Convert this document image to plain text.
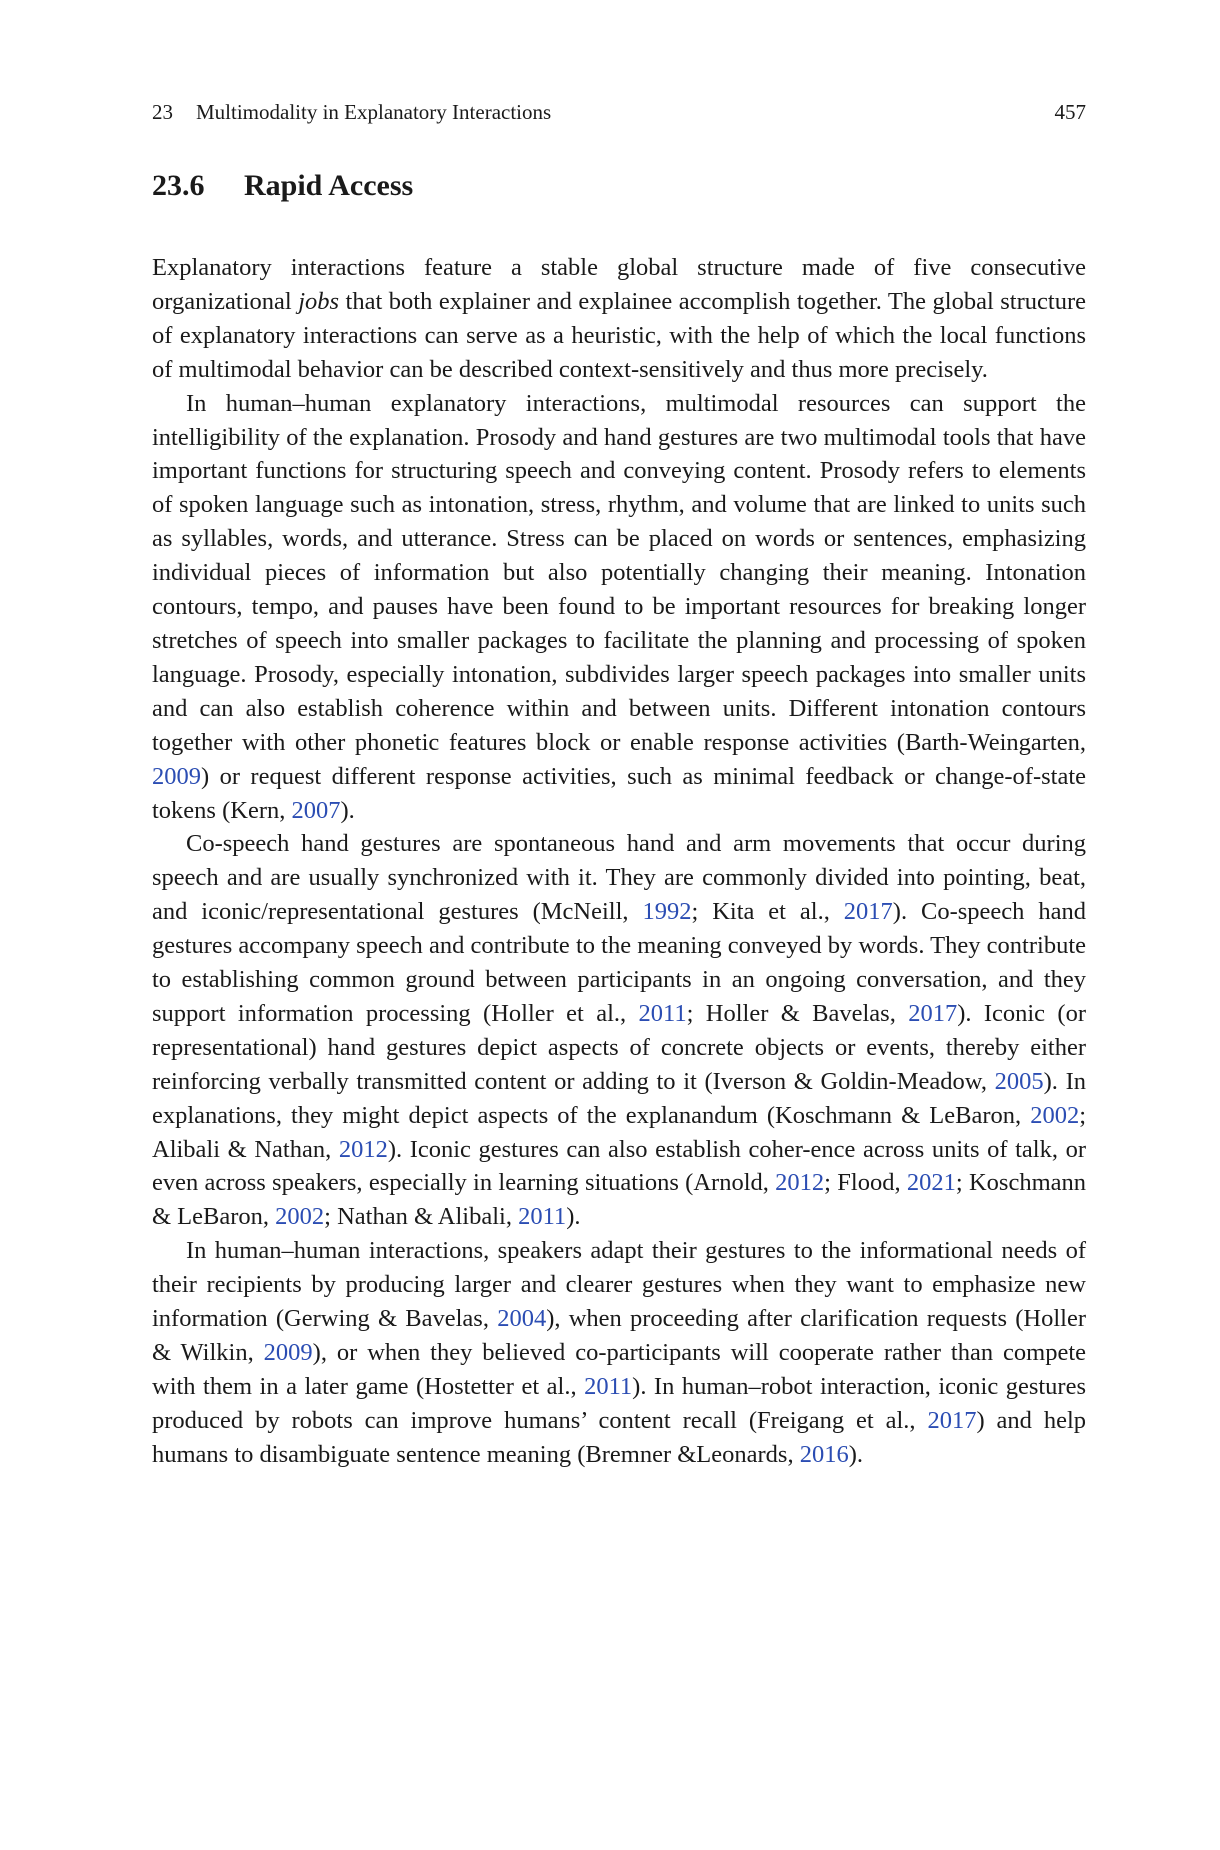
23 Multimodality in Explanatory Interactions	457
23.6 Rapid Access

Explanatory interactions feature a stable global structure made of five consecutive organizational jobs that both explainer and explainee accomplish together. The global structure of explanatory interactions can serve as a heuristic, with the help of which the local functions of multimodal behavior can be described context-sensitively and thus more precisely.

In human–human explanatory interactions, multimodal resources can support the intelligibility of the explanation. Prosody and hand gestures are two multimodal tools that have important functions for structuring speech and conveying content. Prosody refers to elements of spoken language such as intonation, stress, rhythm, and volume that are linked to units such as syllables, words, and utterance. Stress can be placed on words or sentences, emphasizing individual pieces of information but also potentially changing their meaning. Intonation contours, tempo, and pauses have been found to be important resources for breaking longer stretches of speech into smaller packages to facilitate the planning and processing of spoken language. Prosody, especially intonation, subdivides larger speech packages into smaller units and can also establish coherence within and between units. Different intonation contours together with other phonetic features block or enable response activities (Barth-Weingarten, 2009) or request different response activities, such as minimal feedback or change-of-state tokens (Kern, 2007).

Co-speech hand gestures are spontaneous hand and arm movements that occur during speech and are usually synchronized with it. They are commonly divided into pointing, beat, and iconic/representational gestures (McNeill, 1992; Kita et al., 2017). Co-speech hand gestures accompany speech and contribute to the meaning conveyed by words. They contribute to establishing common ground between participants in an ongoing conversation, and they support information processing (Holler et al., 2011; Holler & Bavelas, 2017). Iconic (or representational) hand gestures depict aspects of concrete objects or events, thereby either reinforcing verbally transmitted content or adding to it (Iverson & Goldin-Meadow, 2005). In explanations, they might depict aspects of the explanandum (Koschmann & LeBaron, 2002; Alibali & Nathan, 2012). Iconic gestures can also establish coher-ence across units of talk, or even across speakers, especially in learning situations (Arnold, 2012; Flood, 2021; Koschmann & LeBaron, 2002; Nathan & Alibali, 2011).

In human–human interactions, speakers adapt their gestures to the informational needs of their recipients by producing larger and clearer gestures when they want to emphasize new information (Gerwing & Bavelas, 2004), when proceeding after clarification requests (Holler & Wilkin, 2009), or when they believed co-participants will cooperate rather than compete with them in a later game (Hostetter et al., 2011). In human–robot interaction, iconic gestures produced by robots can improve humans’ content recall (Freigang et al., 2017) and help humans to disambiguate sentence meaning (Bremner &Leonards, 2016).
